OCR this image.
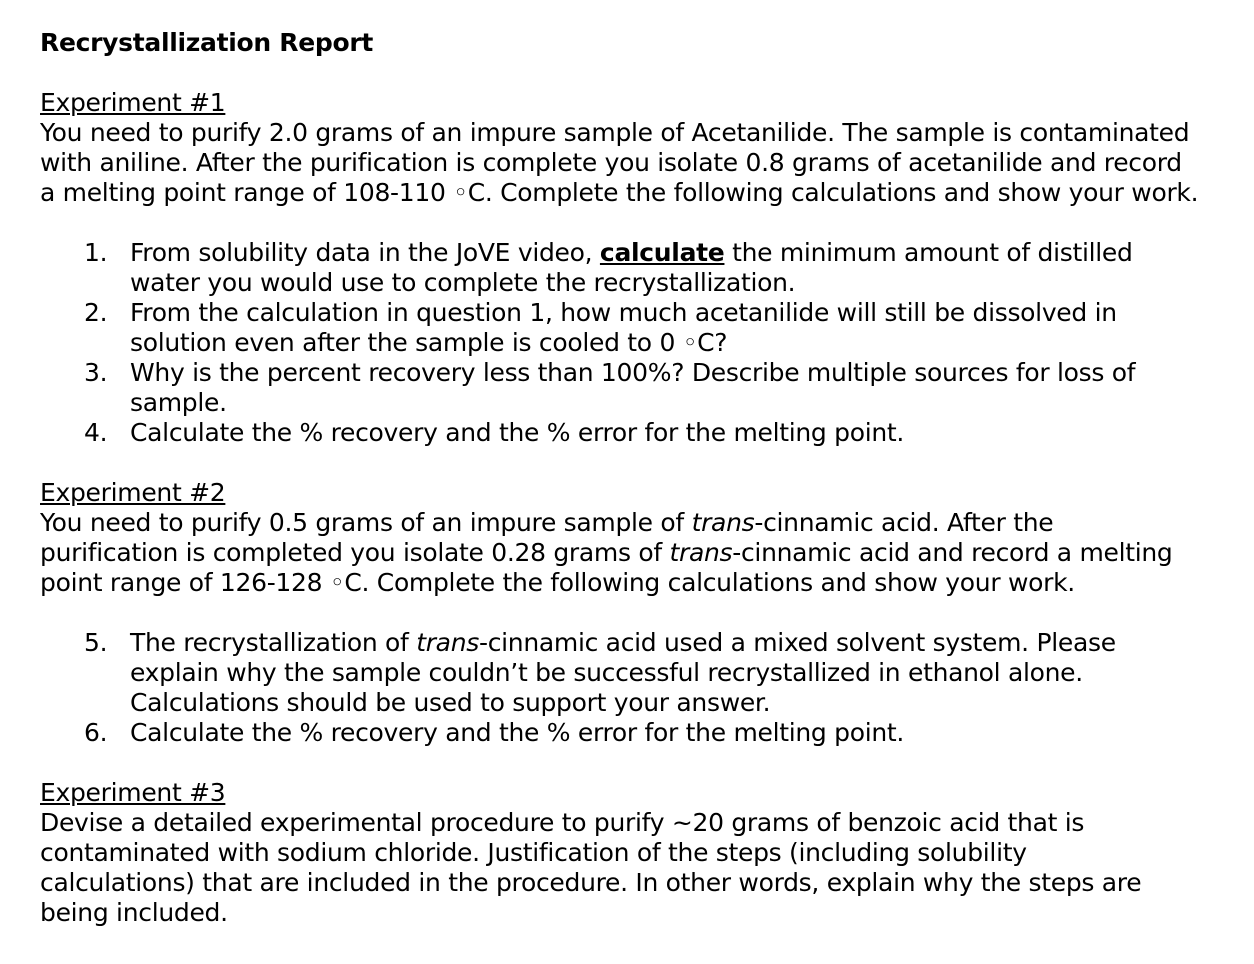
Recrystallization Report
Experiment #1
You need to purify 2.0 grams of an impure sample of Acetanilide. The sample is contaminated
with aniline. After the purification is complete you isolate 0.8 grams of acetanilide and record
a melting point range of 108-110 ◦C. Complete the following calculations and show your work.
1. From solubility data in the JoVE video, calculate the minimum amount of distilled
water you would use to complete the recrystallization.
2. From the calculation in question 1, how much acetanilide will still be dissolved in
solution even after the sample is cooled to 0 ◦C?
3. Why is the percent recovery less than 100%? Describe multiple sources for loss of
sample.
4. Calculate the % recovery and the % error for the melting point.
Experiment #2
You need to purify 0.5 grams of an impure sample of trans-cinnamic acid. After the
purification is completed you isolate 0.28 grams of trans-cinnamic acid and record a melting
point range of 126-128 ◦C. Complete the following calculations and show your work.
5. The recrystallization of trans-cinnamic acid used a mixed solvent system. Please
explain why the sample couldn’t be successful recrystallized in ethanol alone.
Calculations should be used to support your answer.
6. Calculate the % recovery and the % error for the melting point.
Experiment #3
Devise a detailed experimental procedure to purify ~20 grams of benzoic acid that is
contaminated with sodium chloride. Justification of the steps (including solubility
calculations) that are included in the procedure. In other words, explain why the steps are
being included.
